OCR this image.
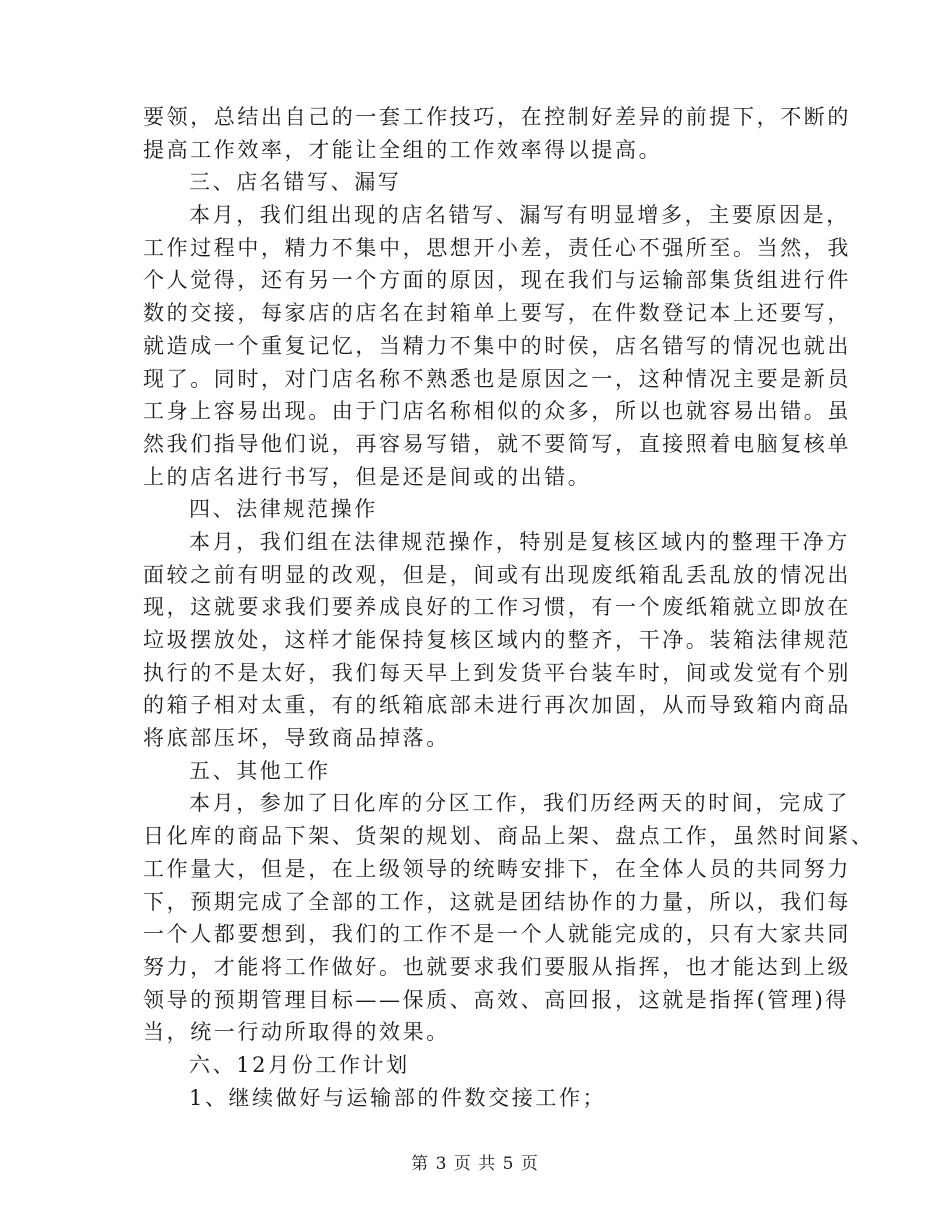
要领，总结出自己的一套工作技巧，在控制好差异的前提下，不断的
提高工作效率，才能让全组的工作效率得以提高。
三、店名错写、漏写
本月，我们组出现的店名错写、漏写有明显增多，主要原因是，
工作过程中，精力不集中，思想开小差，责任心不强所至。当然，我
个人觉得，还有另一个方面的原因，现在我们与运输部集货组进行件
数的交接，每家店的店名在封箱单上要写，在件数登记本上还要写，
就造成一个重复记忆，当精力不集中的时侯，店名错写的情况也就出
现了。同时，对门店名称不熟悉也是原因之一，这种情况主要是新员
工身上容易出现。由于门店名称相似的众多，所以也就容易出错。虽
然我们指导他们说，再容易写错，就不要简写，直接照着电脑复核单
上的店名进行书写，但是还是间或的出错。
四、法律规范操作
本月，我们组在法律规范操作，特别是复核区域内的整理干净方
面较之前有明显的改观，但是，间或有出现废纸箱乱丢乱放的情况出
现，这就要求我们要养成良好的工作习惯，有一个废纸箱就立即放在
垃圾摆放处，这样才能保持复核区域内的整齐，干净。装箱法律规范
执行的不是太好，我们每天早上到发货平台装车时，间或发觉有个别
的箱子相对太重，有的纸箱底部未进行再次加固，从而导致箱内商品
将底部压坏，导致商品掉落。
五、其他工作
本月，参加了日化库的分区工作，我们历经两天的时间，完成了
日化库的商品下架、货架的规划、商品上架、盘点工作，虽然时间紧、
工作量大，但是，在上级领导的统畴安排下，在全体人员的共同努力
下，预期完成了全部的工作，这就是团结协作的力量，所以，我们每
一个人都要想到，我们的工作不是一个人就能完成的，只有大家共同
努力，才能将工作做好。也就要求我们要服从指挥，也才能达到上级
领导的预期管理目标——保质、高效、高回报，这就是指挥(管理)得
当，统一行动所取得的效果。
六、12月份工作计划
1、继续做好与运输部的件数交接工作；
第 3 页 共 5 页
